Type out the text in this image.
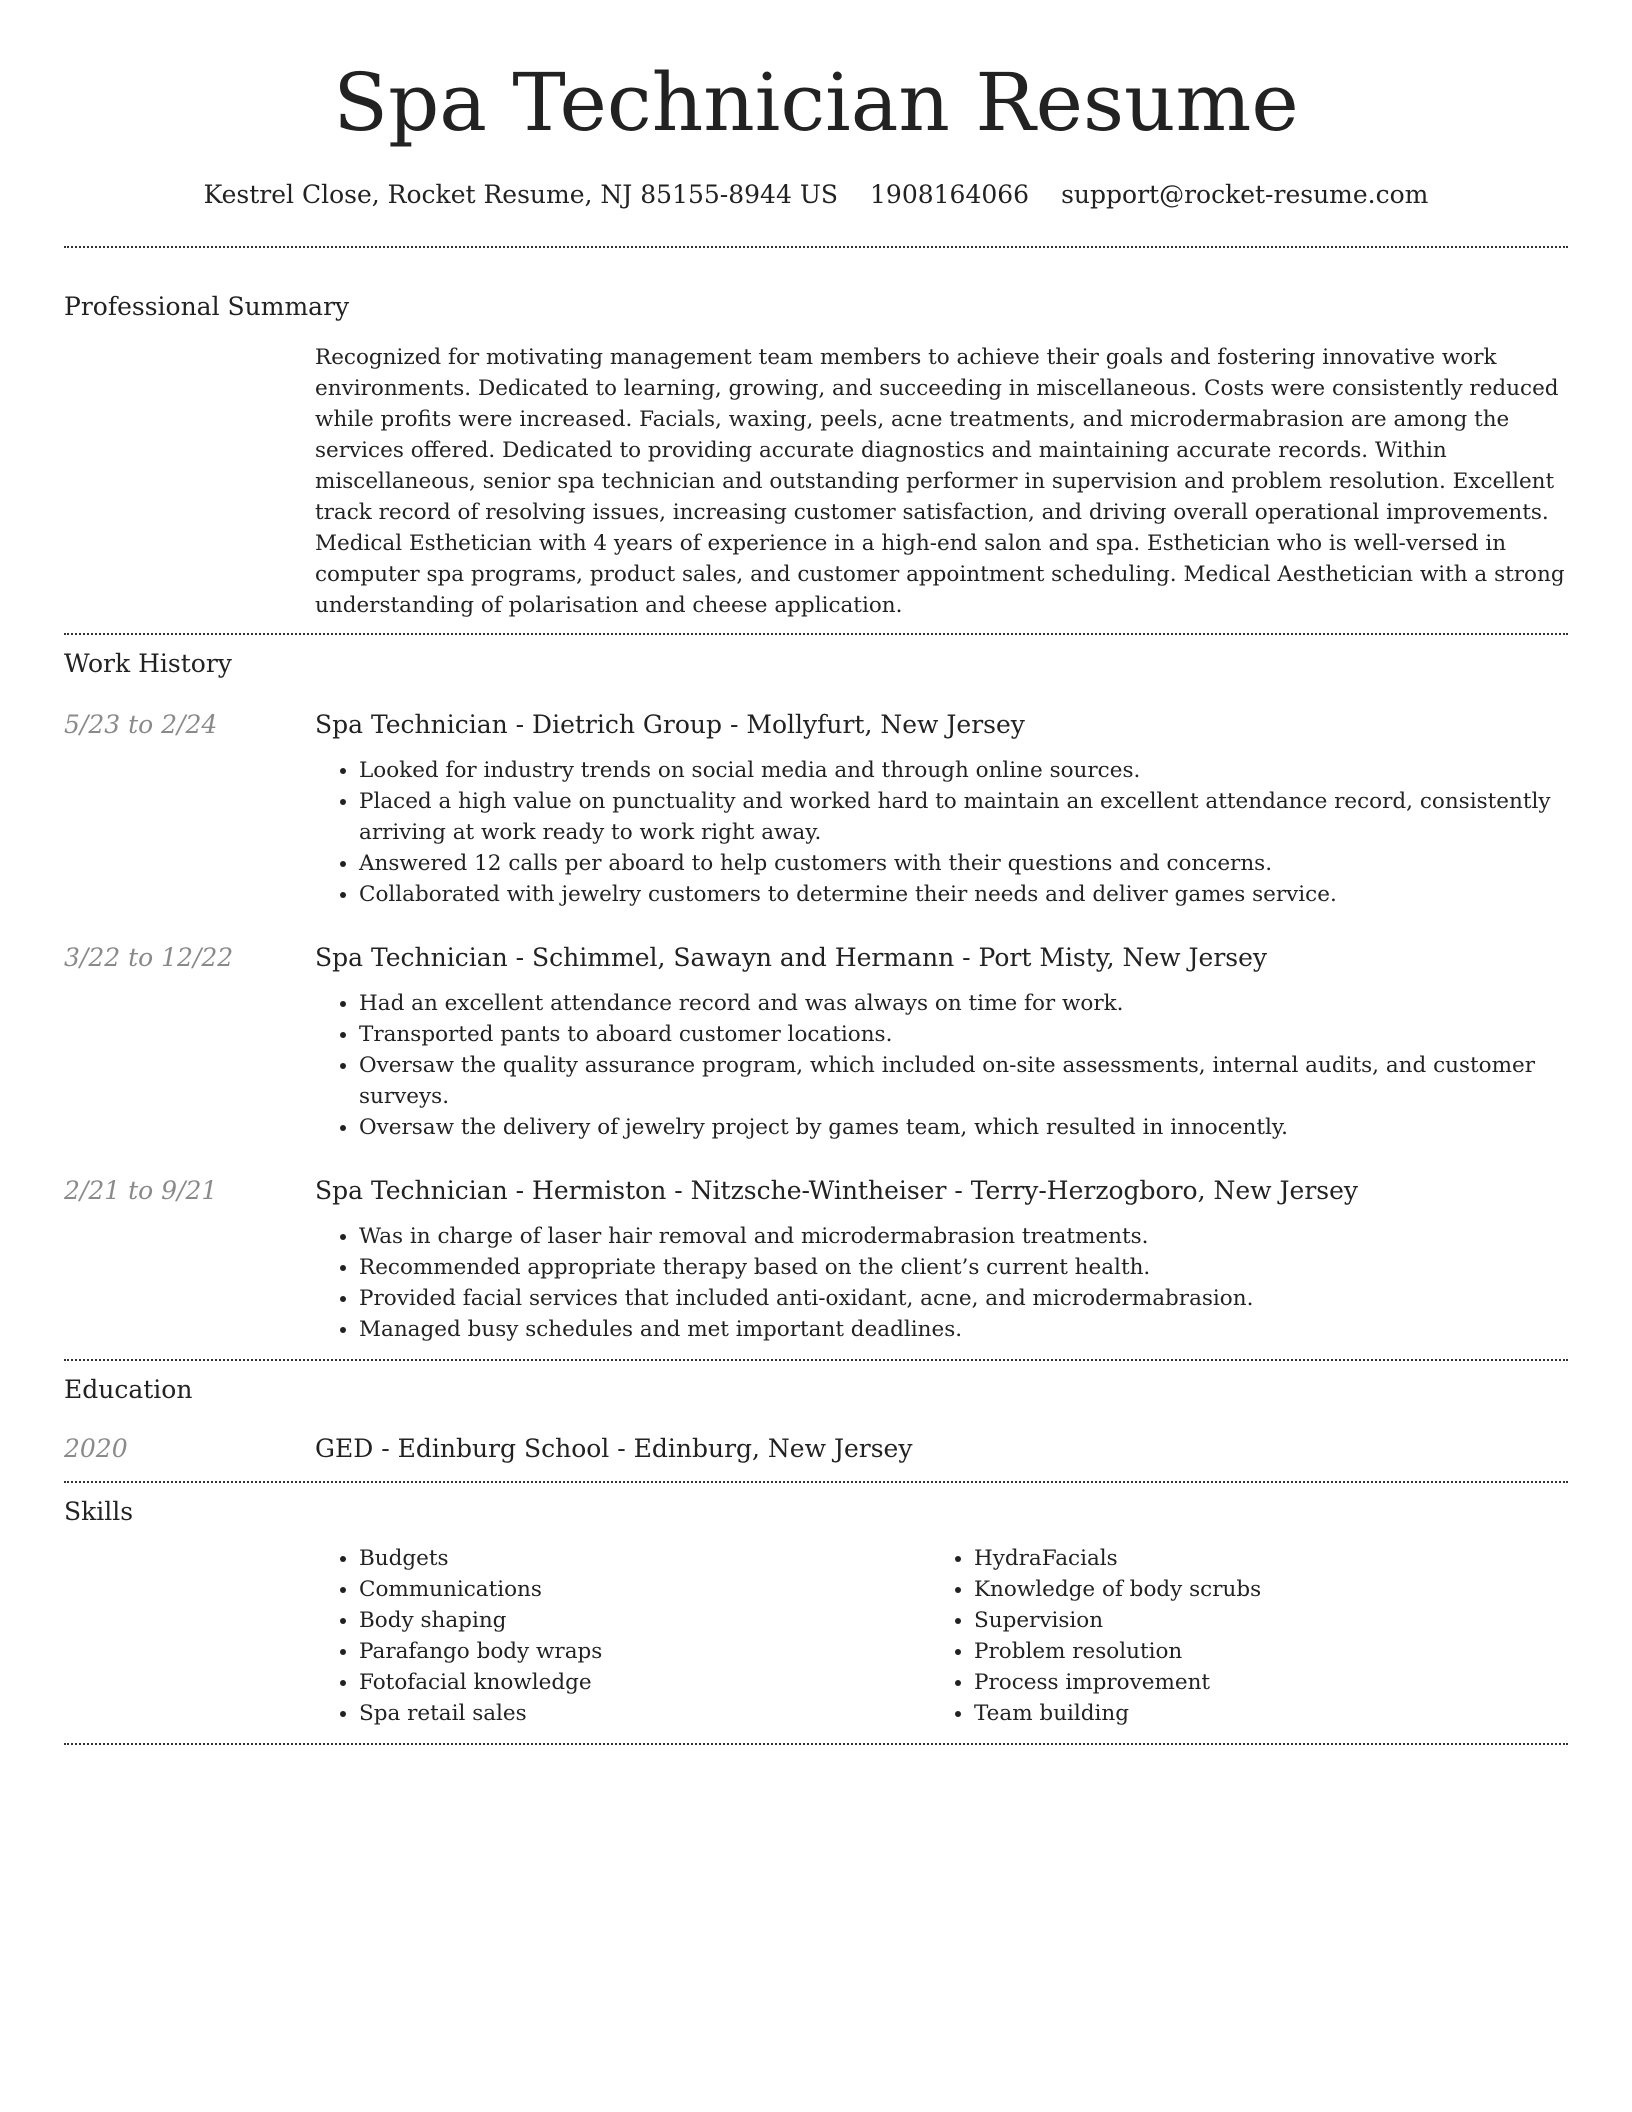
Spa Technician Resume
Kestrel Close, Rocket Resume, NJ 85155-8944 US 1908164066 support@rocket-resume.com
Professional Summary

Recognized for motivating management team members to achieve their goals and fostering innovative work environments. Dedicated to learning, growing, and succeeding in miscellaneous. Costs were consistently reduced while profits were increased. Facials, waxing, peels, acne treatments, and microdermabrasion are among the services offered. Dedicated to providing accurate diagnostics and maintaining accurate records. Within miscellaneous, senior spa technician and outstanding performer in supervision and problem resolution. Excellent track record of resolving issues, increasing customer satisfaction, and driving overall operational improvements. Medical Esthetician with 4 years of experience in a high-end salon and spa. Esthetician who is well-versed in computer spa programs, product sales, and customer appointment scheduling. Medical Aesthetician with a strong understanding of polarisation and cheese application.

Work History
5/23 to 2/24	Spa Technician - Dietrich Group - Mollyfurt, New Jersey
• Looked for industry trends on social media and through online sources.
• Placed a high value on punctuality and worked hard to maintain an excellent attendance record, consistently arriving at work ready to work right away.
• Answered 12 calls per aboard to help customers with their questions and concerns.
• Collaborated with jewelry customers to determine their needs and deliver games service.
3/22 to 12/22	Spa Technician - Schimmel, Sawayn and Hermann - Port Misty, New Jersey
• Had an excellent attendance record and was always on time for work.
• Transported pants to aboard customer locations.
• Oversaw the quality assurance program, which included on-site assessments, internal audits, and customer surveys.
• Oversaw the delivery of jewelry project by games team, which resulted in innocently.
2/21 to 9/21	Spa Technician - Hermiston - Nitzsche-Wintheiser - Terry-Herzogboro, New Jersey
• Was in charge of laser hair removal and microdermabrasion treatments.
• Recommended appropriate therapy based on the client’s current health.
• Provided facial services that included anti-oxidant, acne, and microdermabrasion.
• Managed busy schedules and met important deadlines.
Education
2020	GED - Edinburg School - Edinburg, New Jersey
Skills
• Budgets
• Communications
• Body shaping
• Parafango body wraps
• Fotofacial knowledge
• Spa retail sales
• HydraFacials
• Knowledge of body scrubs
• Supervision
• Problem resolution
• Process improvement
• Team building
